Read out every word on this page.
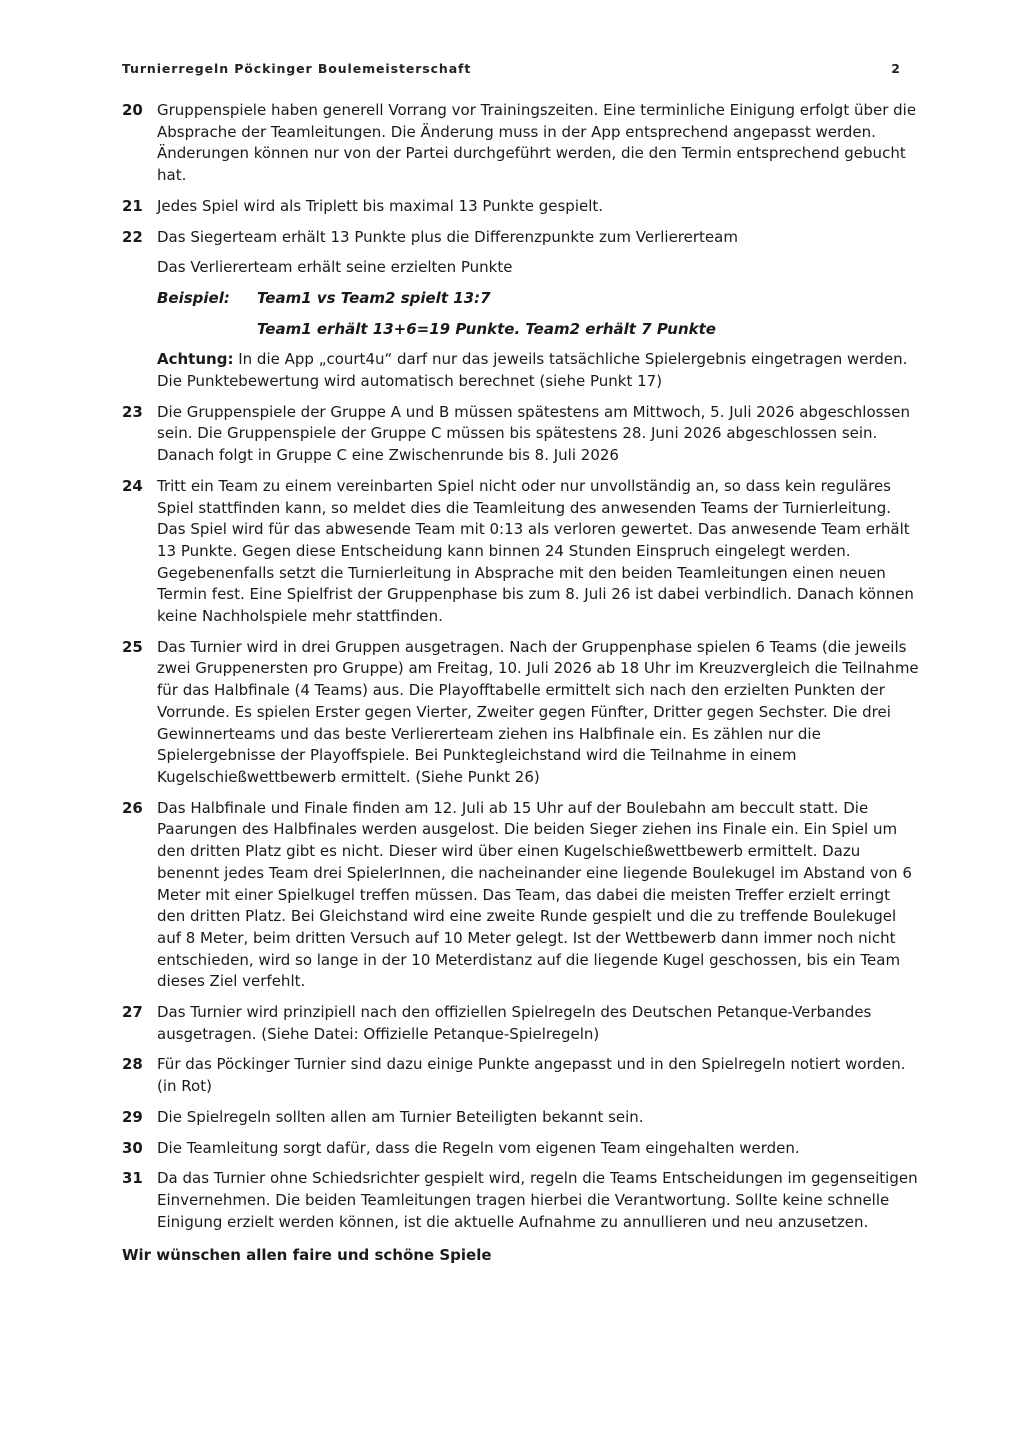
Turnierregeln Pöckinger Boulemeisterschaft	2
20 Gruppenspiele haben generell Vorrang vor Trainingszeiten. Eine terminliche Einigung erfolgt über die Absprache der Teamleitungen. Die Änderung muss in der App entsprechend angepasst werden. Änderungen können nur von der Partei durchgeführt werden, die den Termin entsprechend gebucht hat.

21 Jedes Spiel wird als Triplett bis maximal 13 Punkte gespielt.

22 Das Siegerteam erhält 13 Punkte plus die Differenzpunkte zum Verliererteam

Das Verliererteam erhält seine erzielten Punkte

Beispiel:	Team1 vs Team2 spielt 13:7
Team1 erhält 13+6=19 Punkte. Team2 erhält 7 Punkte

Achtung: In die App „court4u“ darf nur das jeweils tatsächliche Spielergebnis eingetragen werden. Die Punktebewertung wird automatisch berechnet (siehe Punkt 17)

23 Die Gruppenspiele der Gruppe A und B müssen spätestens am Mittwoch, 5. Juli 2026 abgeschlossen sein. Die Gruppenspiele der Gruppe C müssen bis spätestens 28. Juni 2026 abgeschlossen sein. Danach folgt in Gruppe C eine Zwischenrunde bis 8. Juli 2026

24 Tritt ein Team zu einem vereinbarten Spiel nicht oder nur unvollständig an, so dass kein reguläres Spiel stattfinden kann, so meldet dies die Teamleitung des anwesenden Teams der Turnierleitung. Das Spiel wird für das abwesende Team mit 0:13 als verloren gewertet. Das anwesende Team erhält 13 Punkte. Gegen diese Entscheidung kann binnen 24 Stunden Einspruch eingelegt werden. Gegebenenfalls setzt die Turnierleitung in Absprache mit den beiden Teamleitungen einen neuen Termin fest. Eine Spielfrist der Gruppenphase bis zum 8. Juli 26 ist dabei verbindlich. Danach können keine Nachholspiele mehr stattfinden.

25 Das Turnier wird in drei Gruppen ausgetragen. Nach der Gruppenphase spielen 6 Teams (die jeweils zwei Gruppenersten pro Gruppe) am Freitag, 10. Juli 2026 ab 18 Uhr im Kreuzvergleich die Teilnahme für das Halbfinale (4 Teams) aus. Die Playofftabelle ermittelt sich nach den erzielten Punkten der Vorrunde. Es spielen Erster gegen Vierter, Zweiter gegen Fünfter, Dritter gegen Sechster. Die drei Gewinnerteams und das beste Verliererteam ziehen ins Halbfinale ein. Es zählen nur die Spielergebnisse der Playoffspiele. Bei Punktegleichstand wird die Teilnahme in einem Kugelschießwettbewerb ermittelt. (Siehe Punkt 26)

26 Das Halbfinale und Finale finden am 12. Juli ab 15 Uhr auf der Boulebahn am beccult statt. Die Paarungen des Halbfinales werden ausgelost. Die beiden Sieger ziehen ins Finale ein. Ein Spiel um den dritten Platz gibt es nicht. Dieser wird über einen Kugelschießwettbewerb ermittelt. Dazu benennt jedes Team drei SpielerInnen, die nacheinander eine liegende Boulekugel im Abstand von 6 Meter mit einer Spielkugel treffen müssen. Das Team, das dabei die meisten Treffer erzielt erringt den dritten Platz. Bei Gleichstand wird eine zweite Runde gespielt und die zu treffende Boulekugel auf 8 Meter, beim dritten Versuch auf 10 Meter gelegt. Ist der Wettbewerb dann immer noch nicht entschieden, wird so lange in der 10 Meterdistanz auf die liegende Kugel geschossen, bis ein Team dieses Ziel verfehlt.

27 Das Turnier wird prinzipiell nach den offiziellen Spielregeln des Deutschen Petanque-Verbandes ausgetragen. (Siehe Datei: Offizielle Petanque-Spielregeln)

28 Für das Pöckinger Turnier sind dazu einige Punkte angepasst und in den Spielregeln notiert worden. (in Rot)

29 Die Spielregeln sollten allen am Turnier Beteiligten bekannt sein.

30 Die Teamleitung sorgt dafür, dass die Regeln vom eigenen Team eingehalten werden.

31 Da das Turnier ohne Schiedsrichter gespielt wird, regeln die Teams Entscheidungen im gegenseitigen Einvernehmen. Die beiden Teamleitungen tragen hierbei die Verantwortung. Sollte keine schnelle Einigung erzielt werden können, ist die aktuelle Aufnahme zu annullieren und neu anzusetzen.

Wir wünschen allen faire und schöne Spiele
